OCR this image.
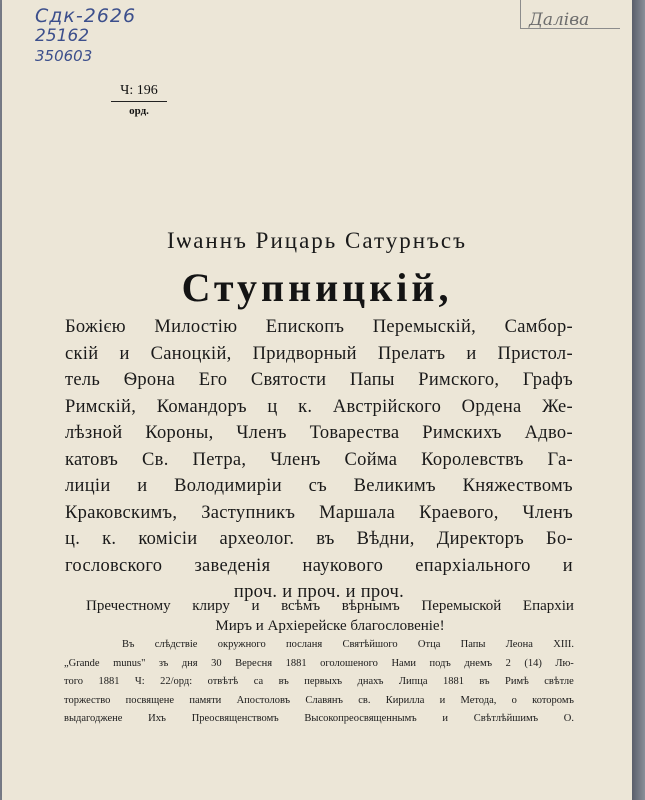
Сдк-2626
25162
350603
Даліва
Ч: 196
орд.
Іѡаннъ Рицарь Сатурнъсъ
Ступницкій,
Божією Милостію Епископъ Перемыскій, Самбор-
скій и Саноцкій, Придворный Прелатъ и Пристол-
тель Ѳрона Его Святости Папы Римского, Графъ
Римскій, Командоръ ц к. Австрійского Ордена Же-
лѣзной Короны, Членъ Товарества Римскихъ Адво-
катовъ Св. Петра, Членъ Сойма Королевствъ Га-
лиціи и Володимиріи съ Великимъ Княжествомъ
Краковскимъ, Заступникъ Маршала Краевого, Членъ
ц. к. комісіи археолог. въ Вѣдни, Директоръ Бо-
гословского заведенія наукового епархіального и
проч. и проч. и проч.
Пречестному клиру и всѣмъ вѣрнымъ Перемыской Епархіи
Миръ и Архіерейске благословеніе!
Въ слѣдствіе окружного посланя Святѣйшого Отца Папы Леона XIII.
„Grande munus" зъ дня 30 Вересня 1881 оголошеного Нами подъ днемъ 2 (14) Лю-
того 1881 Ч: 22/орд: отвѣтѣ са въ первыхъ днахъ Липца 1881 въ Римѣ свѣтле
торжество посвящене памяти Апостоловъ Славянъ св. Кирилла и Метода, о которомъ
выдагодженe Ихъ Преосвященствомъ Высокопреосвященнымъ и Свѣтлѣйшимъ О.
